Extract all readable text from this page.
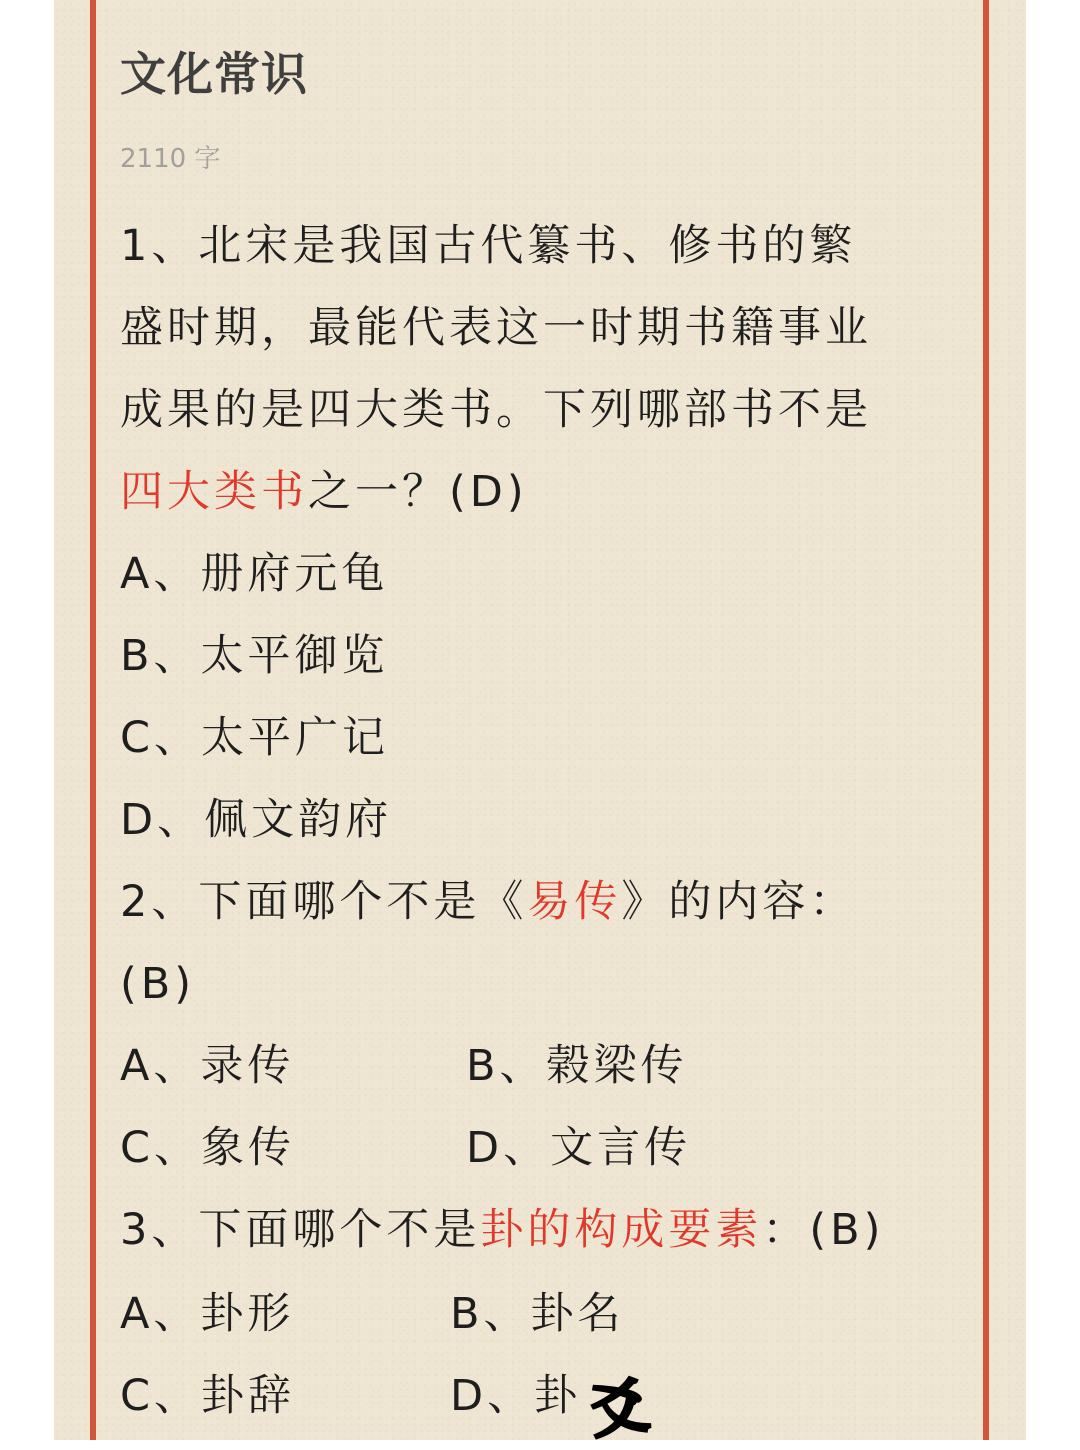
文化常识
2110 字
1、北宋是我国古代纂书、修书的繁
盛时期，最能代表这一时期书籍事业
成果的是四大类书。下列哪部书不是
四大类书之一？(D)
A、册府元龟
B、太平御览
C、太平广记
D、佩文韵府
2、下面哪个不是《易传》的内容：
(B)
A、录传	B、榖梁传
C、象传	D、文言传
3、下面哪个不是卦的构成要素：(B)
A、卦形	B、卦名
C、卦辞	D、卦 爻
